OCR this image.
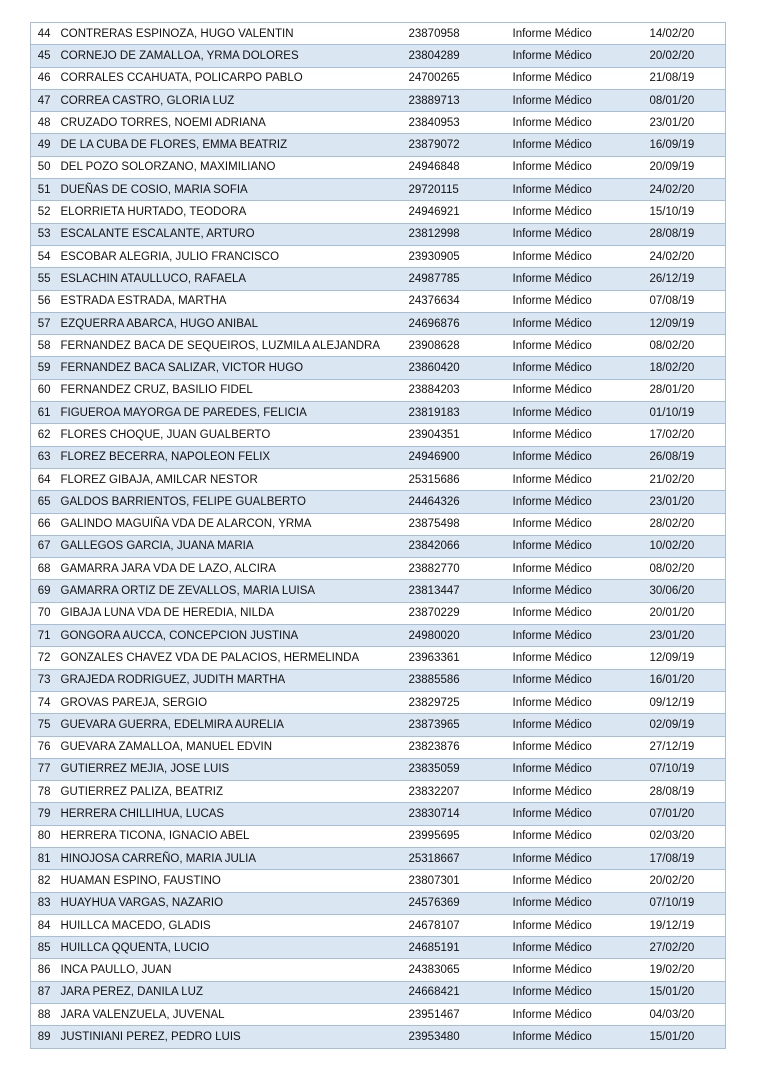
44	CONTRERAS ESPINOZA, HUGO VALENTIN	23870958	Informe Médico	14/02/20
45	CORNEJO DE ZAMALLOA, YRMA DOLORES	23804289	Informe Médico	20/02/20
46	CORRALES CCAHUATA, POLICARPO PABLO	24700265	Informe Médico	21/08/19
47	CORREA CASTRO, GLORIA LUZ	23889713	Informe Médico	08/01/20
48	CRUZADO TORRES, NOEMI ADRIANA	23840953	Informe Médico	23/01/20
49	DE LA CUBA DE FLORES, EMMA BEATRIZ	23879072	Informe Médico	16/09/19
50	DEL POZO SOLORZANO, MAXIMILIANO	24946848	Informe Médico	20/09/19
51	DUEÑAS DE COSIO, MARIA SOFIA	29720115	Informe Médico	24/02/20
52	ELORRIETA HURTADO, TEODORA	24946921	Informe Médico	15/10/19
53	ESCALANTE ESCALANTE, ARTURO	23812998	Informe Médico	28/08/19
54	ESCOBAR ALEGRIA, JULIO FRANCISCO	23930905	Informe Médico	24/02/20
55	ESLACHIN ATAULLUCO, RAFAELA	24987785	Informe Médico	26/12/19
56	ESTRADA ESTRADA, MARTHA	24376634	Informe Médico	07/08/19
57	EZQUERRA ABARCA, HUGO ANIBAL	24696876	Informe Médico	12/09/19
58	FERNANDEZ BACA DE SEQUEIROS, LUZMILA ALEJANDRA	23908628	Informe Médico	08/02/20
59	FERNANDEZ BACA SALIZAR, VICTOR HUGO	23860420	Informe Médico	18/02/20
60	FERNANDEZ CRUZ, BASILIO FIDEL	23884203	Informe Médico	28/01/20
61	FIGUEROA MAYORGA DE PAREDES, FELICIA	23819183	Informe Médico	01/10/19
62	FLORES CHOQUE, JUAN GUALBERTO	23904351	Informe Médico	17/02/20
63	FLOREZ BECERRA, NAPOLEON FELIX	24946900	Informe Médico	26/08/19
64	FLOREZ GIBAJA, AMILCAR NESTOR	25315686	Informe Médico	21/02/20
65	GALDOS BARRIENTOS, FELIPE GUALBERTO	24464326	Informe Médico	23/01/20
66	GALINDO MAGUIÑA VDA DE ALARCON, YRMA	23875498	Informe Médico	28/02/20
67	GALLEGOS GARCIA, JUANA MARIA	23842066	Informe Médico	10/02/20
68	GAMARRA JARA VDA DE LAZO, ALCIRA	23882770	Informe Médico	08/02/20
69	GAMARRA ORTIZ DE ZEVALLOS, MARIA LUISA	23813447	Informe Médico	30/06/20
70	GIBAJA LUNA VDA DE HEREDIA, NILDA	23870229	Informe Médico	20/01/20
71	GONGORA AUCCA, CONCEPCION JUSTINA	24980020	Informe Médico	23/01/20
72	GONZALES CHAVEZ VDA DE PALACIOS, HERMELINDA	23963361	Informe Médico	12/09/19
73	GRAJEDA RODRIGUEZ, JUDITH MARTHA	23885586	Informe Médico	16/01/20
74	GROVAS PAREJA, SERGIO	23829725	Informe Médico	09/12/19
75	GUEVARA GUERRA, EDELMIRA AURELIA	23873965	Informe Médico	02/09/19
76	GUEVARA ZAMALLOA, MANUEL EDVIN	23823876	Informe Médico	27/12/19
77	GUTIERREZ MEJIA, JOSE LUIS	23835059	Informe Médico	07/10/19
78	GUTIERREZ PALIZA, BEATRIZ	23832207	Informe Médico	28/08/19
79	HERRERA CHILLIHUA, LUCAS	23830714	Informe Médico	07/01/20
80	HERRERA TICONA, IGNACIO ABEL	23995695	Informe Médico	02/03/20
81	HINOJOSA CARREÑO, MARIA JULIA	25318667	Informe Médico	17/08/19
82	HUAMAN ESPINO, FAUSTINO	23807301	Informe Médico	20/02/20
83	HUAYHUA VARGAS, NAZARIO	24576369	Informe Médico	07/10/19
84	HUILLCA MACEDO, GLADIS	24678107	Informe Médico	19/12/19
85	HUILLCA QQUENTA, LUCIO	24685191	Informe Médico	27/02/20
86	INCA PAULLO, JUAN	24383065	Informe Médico	19/02/20
87	JARA PEREZ, DANILA LUZ	24668421	Informe Médico	15/01/20
88	JARA VALENZUELA, JUVENAL	23951467	Informe Médico	04/03/20
89	JUSTINIANI PEREZ, PEDRO LUIS	23953480	Informe Médico	15/01/20
